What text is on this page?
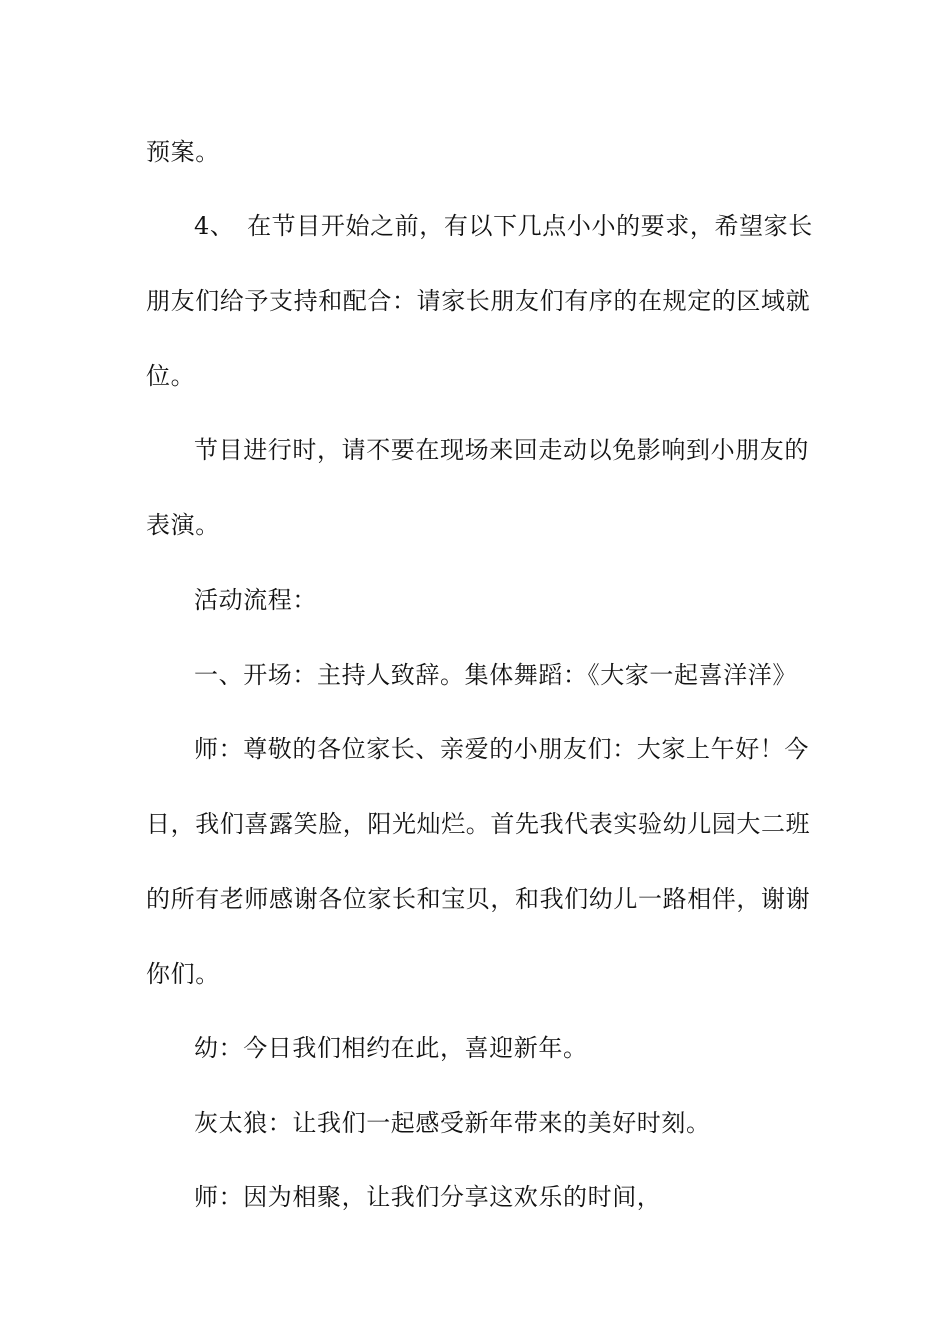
预案。
4、　在节目开始之前，有以下几点小小的要求，希望家长
朋友们给予支持和配合：请家长朋友们有序的在规定的区域就
位。
节目进行时，请不要在现场来回走动以免影响到小朋友的
表演。
活动流程：
一、开场：主持人致辞。集体舞蹈：《大家一起喜洋洋》
师：尊敬的各位家长、亲爱的小朋友们：大家上午好！今
日，我们喜露笑脸，阳光灿烂。首先我代表实验幼儿园大二班
的所有老师感谢各位家长和宝贝，和我们幼儿一路相伴，谢谢
你们。
幼：今日我们相约在此，喜迎新年。
灰太狼：让我们一起感受新年带来的美好时刻。
师：因为相聚，让我们分享这欢乐的时间，
